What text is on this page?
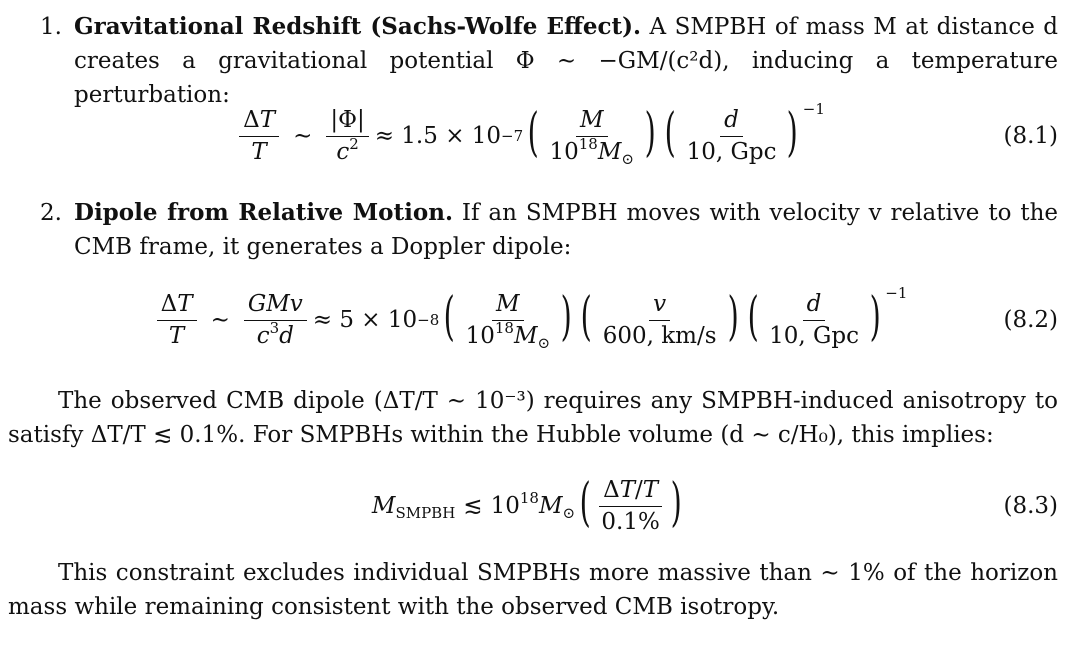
1. Gravitational Redshift (Sachs-Wolfe Effect). A SMPBH of mass M at distance d
creates a gravitational potential Φ ∼ −GM/(c²d), inducing a temperature perturbation:
$\frac{\Delta T}{T}$ ∼ $\frac{|\Phi|}{c^2} \approx 1.5 \times 10 -7$ ( $\frac{M}{10^{18}M_⊙}$ ) ( $\frac{d}{\text{10, Gpc}}$ ) −1
(8.1)
2. Dipole from Relative Motion. If an SMPBH moves with velocity v relative to the
CMB frame, it generates a Doppler dipole:
$\frac{\Delta T}{T}$ ∼ $\frac{\text{GMv}}{c^3d} \approx 5 \times 10 -8$ ( $\frac{M}{10^{18}M_⊙}$ ) ( $\frac{v}{600, km/s}$ ) ( $\frac{d}{\text{10, Gpc}}$ ) −1
(8.2)
The observed CMB dipole (ΔT/T ∼ 10⁻³) requires any SMPBH-induced anisotropy to
satisfy ΔT/T ≲ 0.1%. For SMPBHs within the Hubble volume (d ∼ c/H₀), this implies:
$M_{SMPBH}$ ≲ $10^{18}M_⊙$ ( $\frac{\Delta T/T}{0.1\%}$ )	(8.3)
This constraint excludes individual SMPBHs more massive than ∼ 1% of the horizon
mass while remaining consistent with the observed CMB isotropy.
